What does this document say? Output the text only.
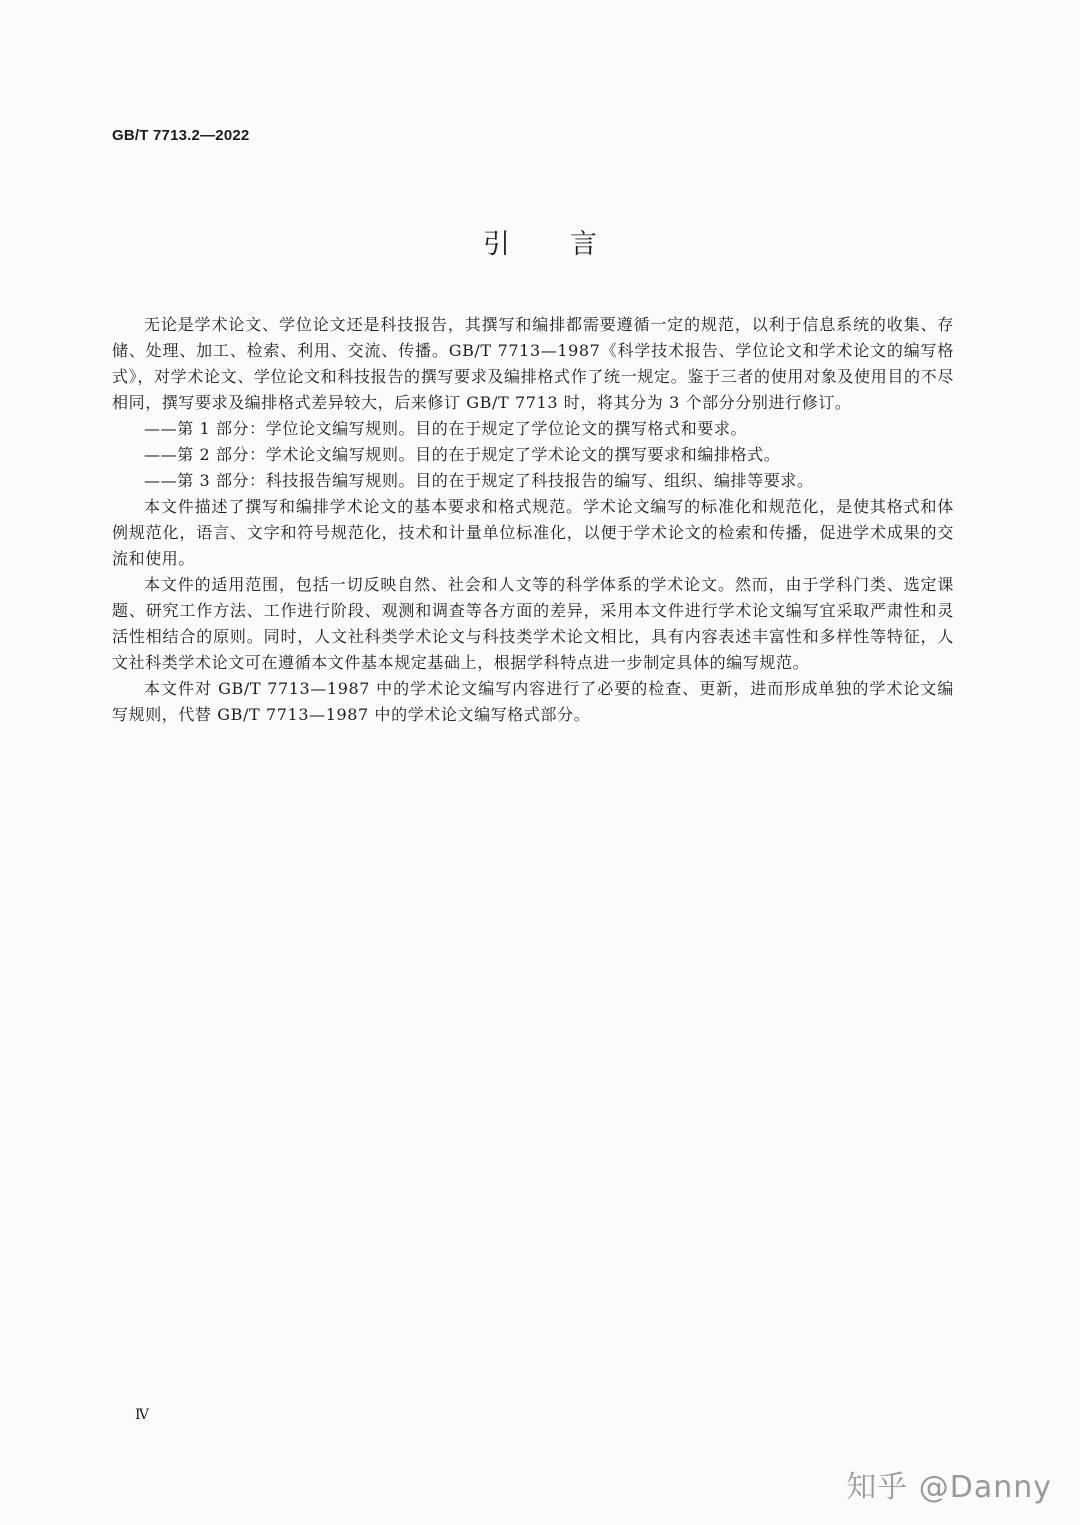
GB/T 7713.2—2022
引言

无论是学术论文、学位论文还是科技报告，其撰写和编排都需要遵循一定的规范，以利于信息系统的收集、存储、处理、加工、检索、利用、交流、传播。GB/T 7713—1987《科学技术报告、学位论文和学术论文的编写格式》，对学术论文、学位论文和科技报告的撰写要求及编排格式作了统一规定。鉴于三者的使用对象及使用目的不尽相同，撰写要求及编排格式差异较大，后来修订 GB/T 7713 时，将其分为 3 个部分分别进行修订。

——第 1 部分：学位论文编写规则。目的在于规定了学位论文的撰写格式和要求。

——第 2 部分：学术论文编写规则。目的在于规定了学术论文的撰写要求和编排格式。

——第 3 部分：科技报告编写规则。目的在于规定了科技报告的编写、组织、编排等要求。

本文件描述了撰写和编排学术论文的基本要求和格式规范。学术论文编写的标准化和规范化，是使其格式和体例规范化，语言、文字和符号规范化，技术和计量单位标准化，以便于学术论文的检索和传播，促进学术成果的交流和使用。

本文件的适用范围，包括一切反映自然、社会和人文等的科学体系的学术论文。然而，由于学科门类、选定课题、研究工作方法、工作进行阶段、观测和调查等各方面的差异，采用本文件进行学术论文编写宜采取严肃性和灵活性相结合的原则。同时，人文社科类学术论文与科技类学术论文相比，具有内容表述丰富性和多样性等特征，人文社科类学术论文可在遵循本文件基本规定基础上，根据学科特点进一步制定具体的编写规范。

本文件对 GB/T 7713—1987 中的学术论文编写内容进行了必要的检查、更新，进而形成单独的学术论文编写规则，代替 GB/T 7713—1987 中的学术论文编写格式部分。

Ⅳ
知乎 @Danny
